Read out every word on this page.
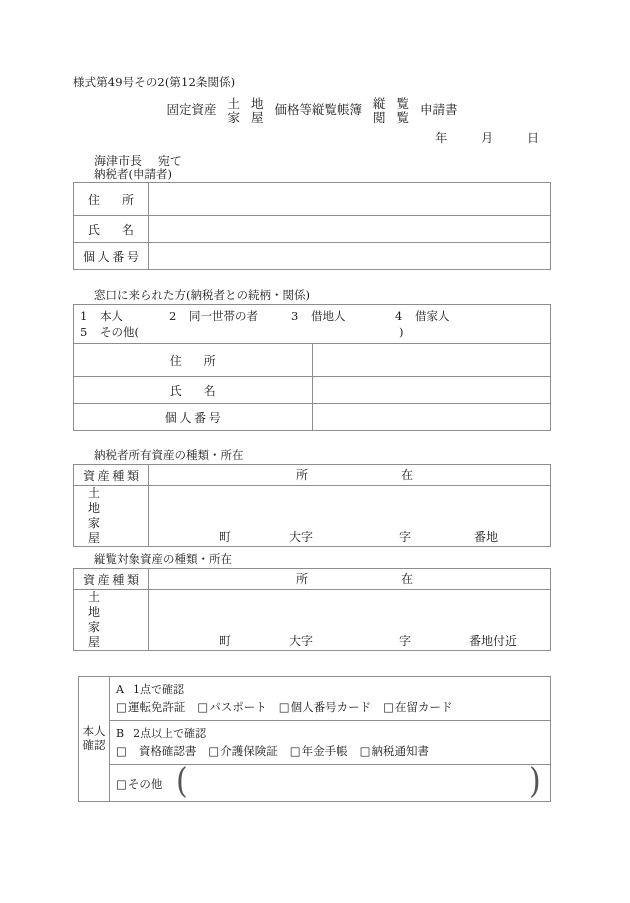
様式第49号その2(第12条関係)
固定資産 土
家
地
屋 価格等縦覧帳簿 縦
閲
覧
覧 申請書
年	月	日
海津市長 宛て
納税者(申請者)
住所	

氏名	

個人番号	

窓口に来られた方(納税者との続柄・関係)
1 本人	2 同一世帯の者	3 借地人	4 借家人
5 その他(	)

住所	

氏名	

個人番号	

納税者所有資産の種類・所在
資産種類	所 在

土　　地
家　　屋	町 大字 字 番地
縦覧対象資産の種類・所在
資産種類	所 在

土　　地
家　　屋	町 大字 字 番地付近
本人確認	
A 1点で確認
□運転免許証 □パスポート □個人番号カード □在留カード

B 2点以上で確認
□ 資格確認書 □介護保険証 □年金手帳 □納税通知書

□その他 (	)
